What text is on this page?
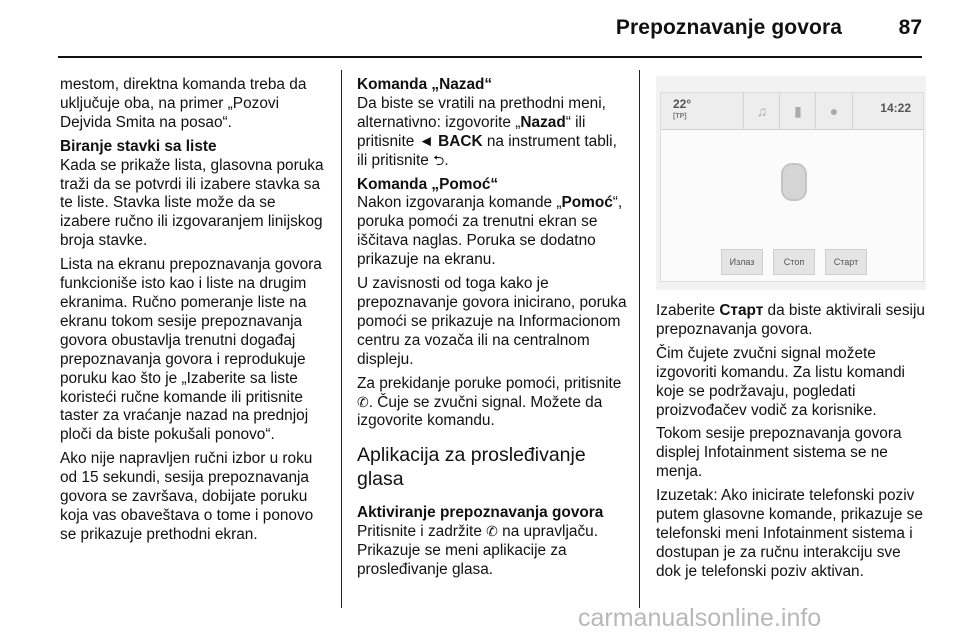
Prepoznavanje govora	87

mestom, direktna komanda treba da uključuje oba, na primer „Pozovi Dejvida Smita na posao“.

Biranje stavki sa liste

Kada se prikaže lista, glasovna poruka traži da se potvrdi ili izabere stavka sa te liste. Stavka liste može da se izabere ručno ili izgovaranjem linijskog broja stavke.

Lista na ekranu prepoznavanja govora funkcioniše isto kao i liste na drugim ekranima. Ručno pomeranje liste na ekranu tokom sesije prepoznavanja govora obustavlja trenutni događaj prepoznavanja govora i reprodukuje poruku kao što je „Izaberite sa liste koristeći ručne komande ili pritisnite taster za vraćanje nazad na prednjoj ploči da biste pokušali ponovo“.

Ako nije napravljen ručni izbor u roku od 15 sekundi, sesija prepoznavanja govora se završava, dobijate poruku koja vas obaveštava o tome i ponovo se prikazuje prethodni ekran.

Komanda „Nazad“

Da biste se vratili na prethodni meni, alternativno: izgovorite „Nazad“ ili pritisnite ◄ BACK na instrument tabli, ili pritisnite ⮌.

Komanda „Pomoć“

Nakon izgovaranja komande „Pomoć“, poruka pomoći za trenutni ekran se iščitava naglas. Poruka se dodatno prikazuje na ekranu.

U zavisnosti od toga kako je prepoznavanje govora inicirano, poruka pomoći se prikazuje na Informacionom centru za vozača ili na centralnom displeju.

Za prekidanje poruke pomoći, pritisnite ✆. Čuje se zvučni signal. Možete da izgovorite komandu.

Aplikacija za prosleđivanje glasa

Aktiviranje prepoznavanja govora

Pritisnite i zadržite ✆ na upravljaču. Prikazuje se meni aplikacije za prosleđivanje glasa.

22°
[TP]	♫	▮	●	14:22
Излаз	Стоп	Старт

Izaberite Старт da biste aktivirali sesiju prepoznavanja govora.

Čim čujete zvučni signal možete izgovoriti komandu. Za listu komandi koje se podržavaju, pogledati proizvođačev vodič za korisnike.

Tokom sesije prepoznavanja govora displej Infotainment sistema se ne menja.

Izuzetak: Ako inicirate telefonski poziv putem glasovne komande, prikazuje se telefonski meni Infotainment sistema i dostupan je za ručnu interakciju sve dok je telefonski poziv aktivan.

carmanualsonline.info
